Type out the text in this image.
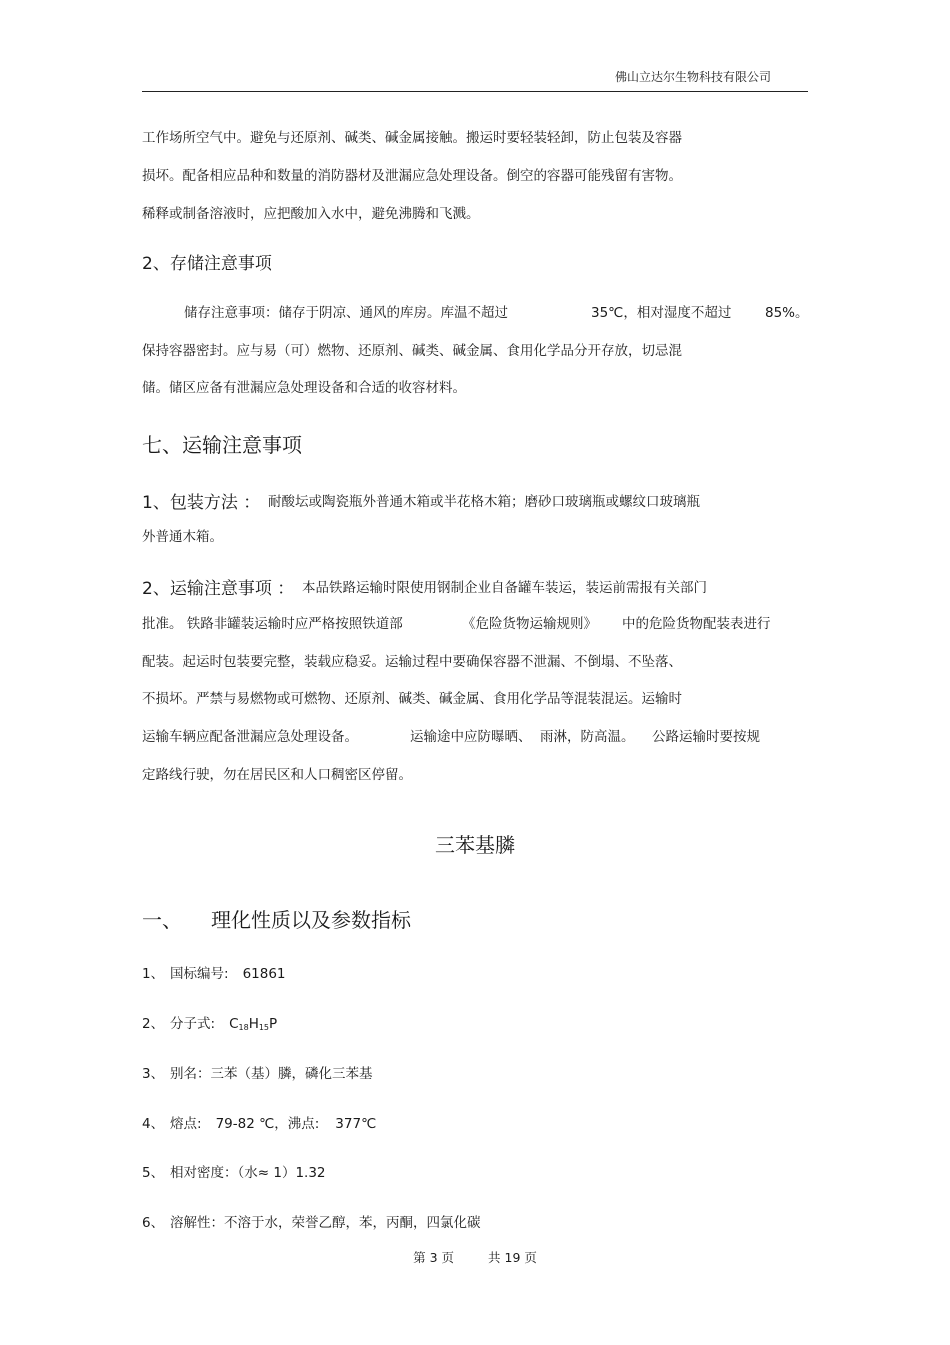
佛山立达尔生物科技有限公司
工作场所空气中。避免与还原剂、碱类、碱金属接触。搬运时要轻装轻卸，防止包装及容器
损坏。配备相应品种和数量的消防器材及泄漏应急处理设备。倒空的容器可能残留有害物。
稀释或制备溶液时，应把酸加入水中，避免沸腾和飞溅。
2、存储注意事项
储存注意事项：储存于阴凉、通风的库房。库温不超过	35℃，相对湿度不超过 85%。
保持容器密封。应与易（可）燃物、还原剂、碱类、碱金属、食用化学品分开存放，切忌混
储。储区应备有泄漏应急处理设备和合适的收容材料。
七、运输注意事项
1、包装方法 ： 耐酸坛或陶瓷瓶外普通木箱或半花格木箱；磨砂口玻璃瓶或螺纹口玻璃瓶
外普通木箱。
2、运输注意事项 ： 本品铁路运输时限使用钢制企业自备罐车装运，装运前需报有关部门
批准。 铁路非罐装运输时应严格按照铁道部	《危险货物运输规则》 中的危险货物配装表进行
配装。起运时包装要完整，装载应稳妥。运输过程中要确保容器不泄漏、不倒塌、不坠落、
不损坏。严禁与易燃物或可燃物、还原剂、碱类、碱金属、食用化学品等混装混运。运输时
运输车辆应配备泄漏应急处理设备。	运输途中应防曝晒、 雨淋，防高温。 公路运输时要按规
定路线行驶，勿在居民区和人口稠密区停留。
三苯基膦
一、 理化性质以及参数指标
1、 国标编号: 61861
2、 分子式: $C_{18}H_{15}P$
3、 别名：三苯（基）膦，磷化三苯基
4、 熔点: 79-82 ℃，沸点: 377℃
5、 相对密度：（水≈ 1）1.32
6、 溶解性：不溶于水，荣誉乙醇，苯，丙酮，四氯化碳
第 3 页	共 19 页
